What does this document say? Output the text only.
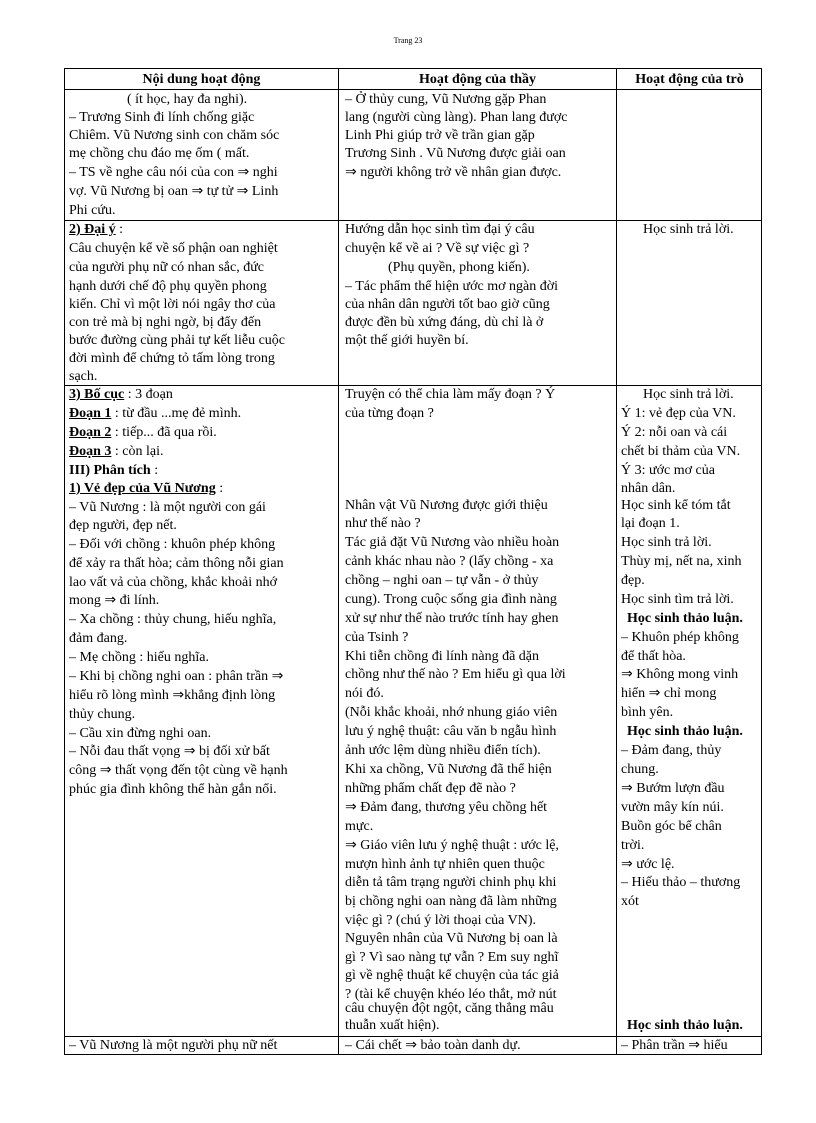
Trang 23
Nội dung hoạt động	Hoạt động của thầy	Hoạt động của trò
( ít học, hay đa nghi).
– Trương Sinh đi lính chống giặc
Chiêm. Vũ Nương sinh con chăm sóc
mẹ chồng chu đáo mẹ ốm ( mất.
– TS về nghe câu nói của con ⇒ nghi
vợ. Vũ Nương bị oan ⇒ tự tử ⇒ Linh
Phi cứu.
2) Đại ý :
Câu chuyện kể về số phận oan nghiệt
của người phụ nữ có nhan sắc, đức
hạnh dưới chế độ phụ quyền phong
kiến. Chỉ vì một lời nói ngây thơ của
con trẻ mà bị nghi ngờ, bị đẩy đến
bước đường cùng phải tự kết liễu cuộc
đời mình để chứng tỏ tấm lòng trong
sạch.
3) Bố cục : 3 đoạn
Đoạn 1 : từ đầu ...mẹ đẻ mình.
Đoạn 2 : tiếp... đã qua rồi.
Đoạn 3 : còn lại.
III) Phân tích :
1) Vẻ đẹp của Vũ Nương :
– Vũ Nương : là một người con gái
đẹp người, đẹp nết.
– Đối với chồng : khuôn phép không
để xảy ra thất hòa; cảm thông nỗi gian
lao vất vả của chồng, khắc khoải nhớ
mong ⇒ đi lính.
– Xa chồng : thủy chung, hiếu nghĩa,
đảm đang.
– Mẹ chồng : hiếu nghĩa.
– Khi bị chồng nghi oan : phân trần ⇒
hiểu rõ lòng mình ⇒khẳng định lòng
thủy chung.
– Cầu xin đừng nghi oan.
– Nỗi đau thất vọng ⇒ bị đối xử bất
công ⇒ thất vọng đến tột cùng về hạnh
phúc gia đình không thể hàn gắn nổi.
– Vũ Nương là một người phụ nữ nết
– Ở thủy cung, Vũ Nương gặp Phan
lang (người cùng làng). Phan lang được
Linh Phi giúp trở về trần gian gặp
Trương Sinh . Vũ Nương được giải oan
⇒ người không trở về nhân gian được.
Hướng dẫn học sinh tìm đại ý câu
chuyện kể về ai ? Về sự việc gì ?
(Phụ quyền, phong kiến).
– Tác phẩm thể hiện ước mơ ngàn đời
của nhân dân người tốt bao giờ cũng
được đền bù xứng đáng, dù chỉ là ở
một thế giới huyền bí.
Truyện có thể chia làm mấy đoạn ? Ý
của từng đoạn ?
Nhân vật Vũ Nương được giới thiệu
như thế nào ?
Tác giả đặt Vũ Nương vào nhiều hoàn
cảnh khác nhau nào ? (lấy chồng - xa
chồng – nghi oan – tự vẫn - ở thủy
cung). Trong cuộc sống gia đình nàng
xử sự như thế nào trước tính hay ghen
của Tsinh ?
Khi tiễn chồng đi lính nàng đã dặn
chồng như thế nào ? Em hiểu gì qua lời
nói đó.
(Nỗi khắc khoải, nhớ nhung giáo viên
lưu ý nghệ thuật: câu văn b ngẫu hình
ảnh ước lệm dùng nhiều điển tích).
Khi xa chồng, Vũ Nương đã thể hiện
những phẩm chất đẹp đẽ nào ?
⇒ Đảm đang, thương yêu chồng hết
mực.
⇒ Giáo viên lưu ý nghệ thuật : ước lệ,
mượn hình ảnh tự nhiên quen thuộc
diễn tả tâm trạng người chinh phụ khi
bị chồng nghi oan nàng đã làm những
việc gì ? (chú ý lời thoại của VN).
Nguyên nhân của Vũ Nương bị oan là
gì ? Vì sao nàng tự vẫn ? Em suy nghĩ
gì về nghệ thuật kể chuyện của tác giả
? (tài kể chuyện khéo léo thắt, mở nút
câu chuyện đột ngột, căng thẳng mâu
thuẫn xuất hiện).
– Cái chết ⇒ bảo toàn danh dự.
Học sinh trả lời.
Học sinh trả lời.
Ý 1: vẻ đẹp của VN.
Ý 2: nỗi oan và cái
chết bi thảm của VN.
Ý 3: ước mơ của
nhân dân.
Học sinh kể tóm tắt
lại đoạn 1.
Học sinh trả lời.
Thùy mị, nết na, xinh
đẹp.
Học sinh tìm trả lời.
Học sinh thảo luận.
– Khuôn phép không
để thất hòa.
⇒ Không mong vinh
hiển ⇒ chỉ mong
bình yên.
Học sinh thảo luận.
– Đảm đang, thủy
chung.
⇒ Bướm lượn đầu
vườn mây kín núi.
Buồn góc bể chân
trời.
⇒ ước lệ.
– Hiếu thảo – thương
xót
Học sinh thảo luận.
– Phân trần ⇒ hiểu
